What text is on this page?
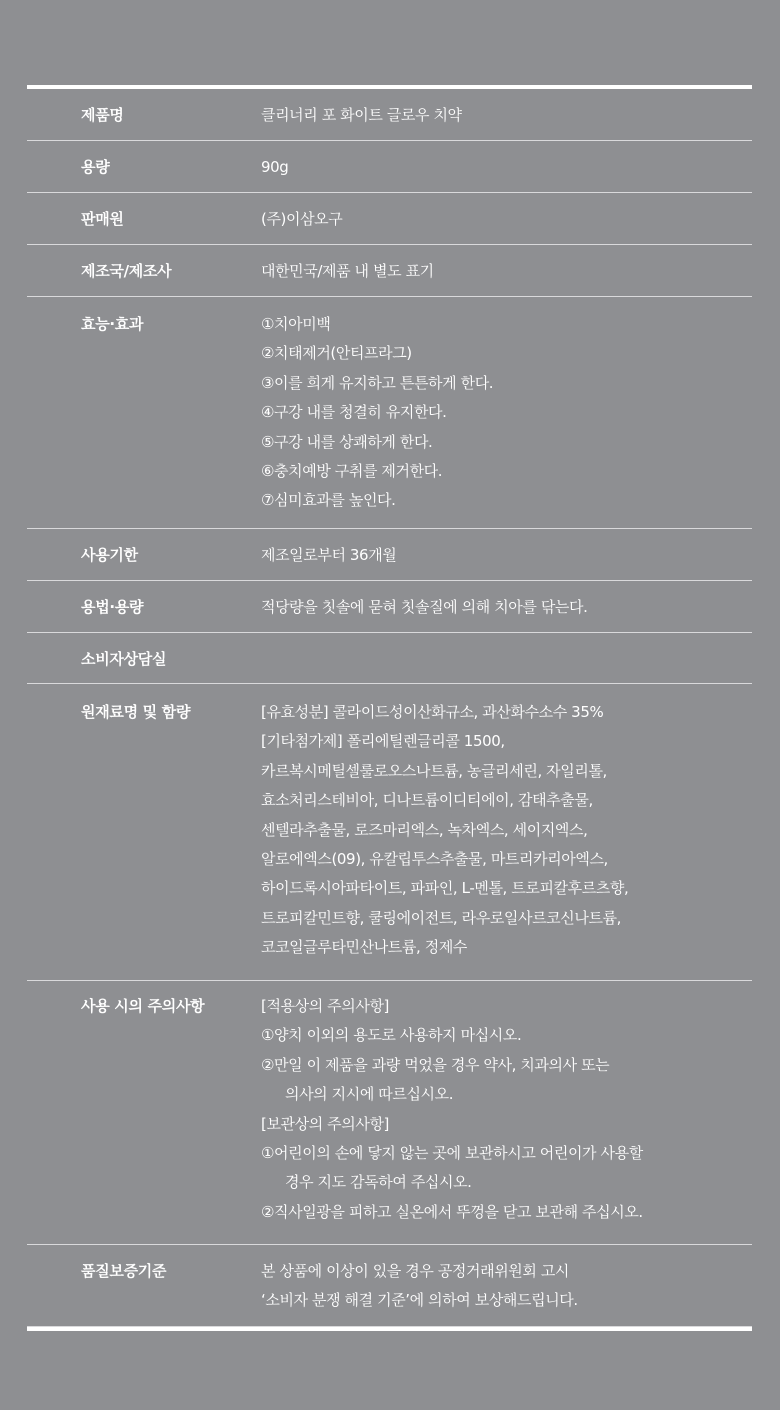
제품명	클리너리 포 화이트 글로우 치약
용량	90g
판매원	(주)이삼오구
제조국/제조사	대한민국/제품 내 별도 표기
효능·효과	①치아미백
②치태제거(안티프라그)
③이를 희게 유지하고 튼튼하게 한다.
④구강 내를 청결히 유지한다.
⑤구강 내를 상쾌하게 한다.
⑥충치예방 구취를 제거한다.
⑦심미효과를 높인다.
사용기한	제조일로부터 36개월
용법·용량	적당량을 칫솔에 묻혀 칫솔질에 의해 치아를 닦는다.
소비자상담실
원재료명 및 함량	[유효성분] 콜라이드성이산화규소, 과산화수소수 35%
[기타첨가제] 폴리에틸렌글리콜 1500,
카르복시메틸셀룰로오스나트륨, 농글리세린, 자일리톨,
효소처리스테비아, 디나트륨이디티에이, 감태추출물,
센텔라추출물, 로즈마리엑스, 녹차엑스, 세이지엑스,
알로에엑스(09), 유칼립투스추출물, 마트리카리아엑스,
하이드록시아파타이트, 파파인, L-멘톨, 트로피칼후르츠향,
트로피칼민트향, 쿨링에이전트, 라우로일사르코신나트륨,
코코일글루타민산나트륨, 정제수
사용 시의 주의사항	[적용상의 주의사항]
①양치 이외의 용도로 사용하지 마십시오.
②만일 이 제품을 과량 먹었을 경우 약사, 치과의사 또는
의사의 지시에 따르십시오.
[보관상의 주의사항]
①어린이의 손에 닿지 않는 곳에 보관하시고 어린이가 사용할
경우 지도 감독하여 주십시오.
②직사일광을 피하고 실온에서 뚜껑을 닫고 보관해 주십시오.
품질보증기준	본 상품에 이상이 있을 경우 공정거래위원회 고시
‘소비자 분쟁 해결 기준’에 의하여 보상해드립니다.
